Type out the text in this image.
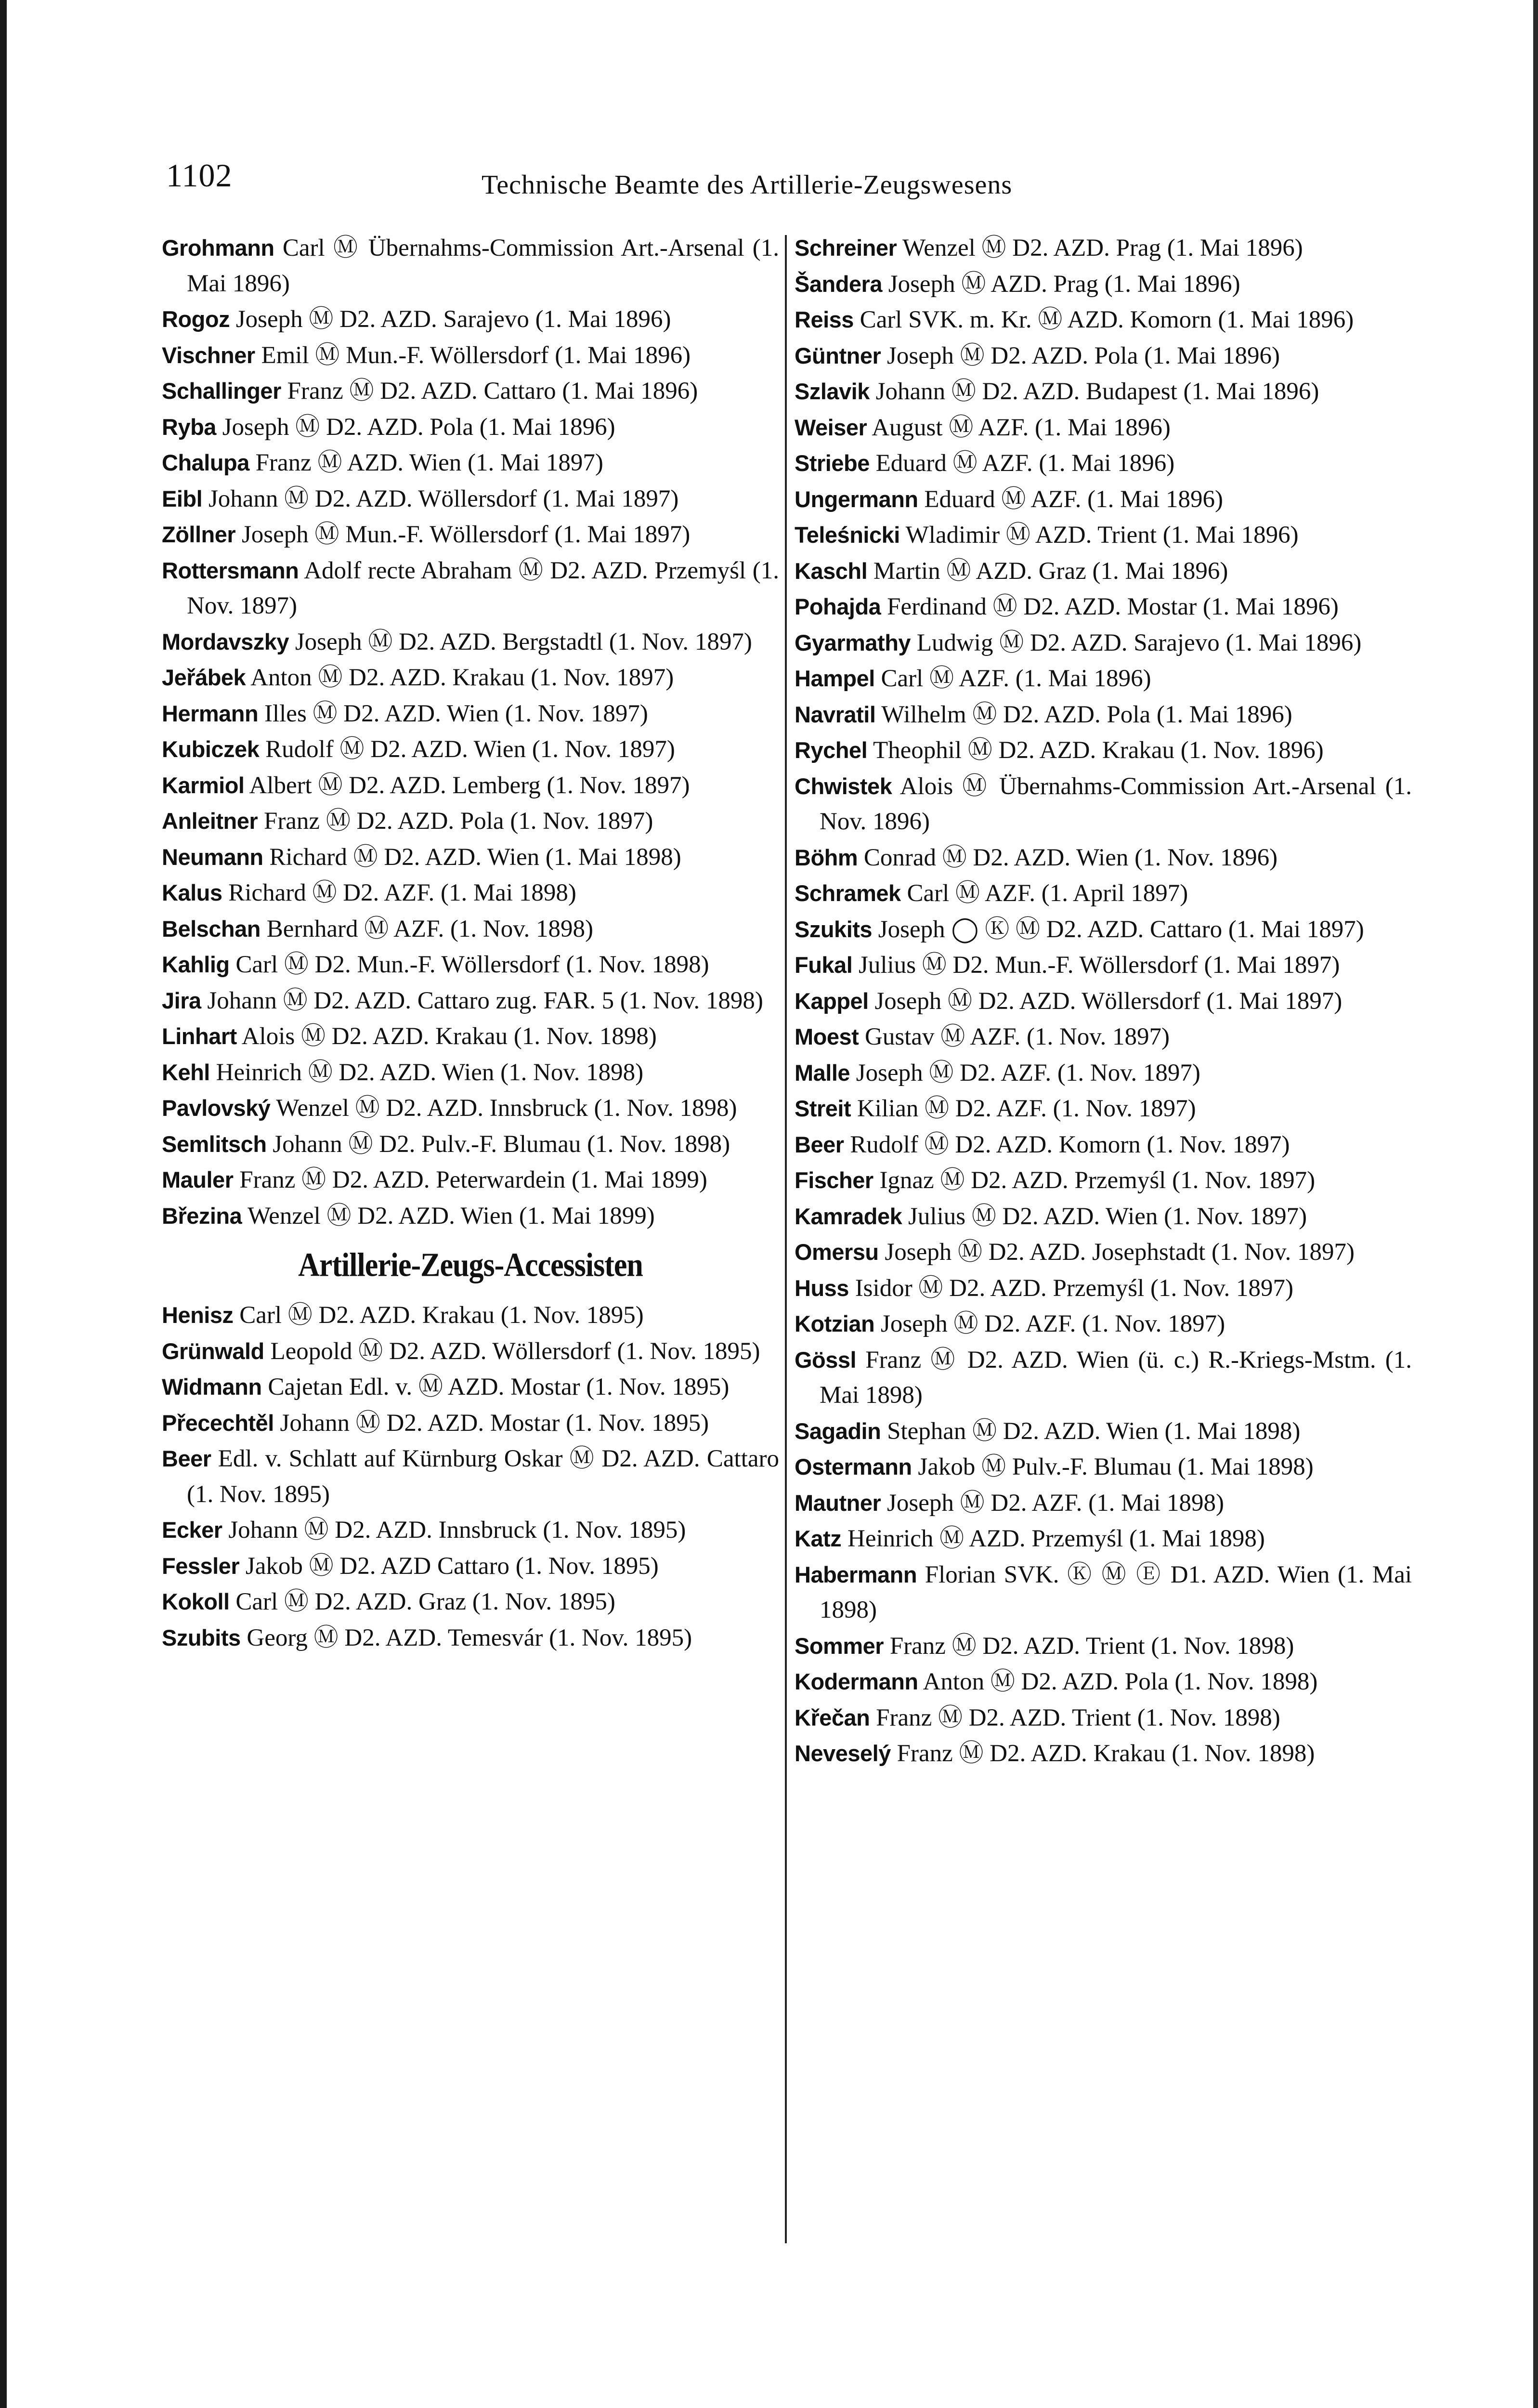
1102	Technische Beamte des Artillerie-Zeugswesens

Grohmann Carl Ⓜ Übernahms-Commission Art.-Arsenal (1. Mai 1896)

Rogoz Joseph Ⓜ D2. AZD. Sarajevo (1. Mai 1896)

Vischner Emil Ⓜ Mun.-F. Wöllersdorf (1. Mai 1896)

Schallinger Franz Ⓜ D2. AZD. Cattaro (1. Mai 1896)

Ryba Joseph Ⓜ D2. AZD. Pola (1. Mai 1896)

Chalupa Franz Ⓜ AZD. Wien (1. Mai 1897)

Eibl Johann Ⓜ D2. AZD. Wöllersdorf (1. Mai 1897)

Zöllner Joseph Ⓜ Mun.-F. Wöllersdorf (1. Mai 1897)

Rottersmann Adolf recte Abraham Ⓜ D2. AZD. Przemyśl (1. Nov. 1897)

Mordavszky Joseph Ⓜ D2. AZD. Bergstadtl (1. Nov. 1897)

Jeřábek Anton Ⓜ D2. AZD. Krakau (1. Nov. 1897)

Hermann Illes Ⓜ D2. AZD. Wien (1. Nov. 1897)

Kubiczek Rudolf Ⓜ D2. AZD. Wien (1. Nov. 1897)

Karmiol Albert Ⓜ D2. AZD. Lemberg (1. Nov. 1897)

Anleitner Franz Ⓜ D2. AZD. Pola (1. Nov. 1897)

Neumann Richard Ⓜ D2. AZD. Wien (1. Mai 1898)

Kalus Richard Ⓜ D2. AZF. (1. Mai 1898)

Belschan Bernhard Ⓜ AZF. (1. Nov. 1898)

Kahlig Carl Ⓜ D2. Mun.-F. Wöllersdorf (1. Nov. 1898)

Jira Johann Ⓜ D2. AZD. Cattaro zug. FAR. 5 (1. Nov. 1898)

Linhart Alois Ⓜ D2. AZD. Krakau (1. Nov. 1898)

Kehl Heinrich Ⓜ D2. AZD. Wien (1. Nov. 1898)

Pavlovský Wenzel Ⓜ D2. AZD. Innsbruck (1. Nov. 1898)

Semlitsch Johann Ⓜ D2. Pulv.-F. Blumau (1. Nov. 1898)

Mauler Franz Ⓜ D2. AZD. Peterwardein (1. Mai 1899)

Březina Wenzel Ⓜ D2. AZD. Wien (1. Mai 1899)

Artillerie-Zeugs-Accessisten

Henisz Carl Ⓜ D2. AZD. Krakau (1. Nov. 1895)

Grünwald Leopold Ⓜ D2. AZD. Wöllersdorf (1. Nov. 1895)

Widmann Cajetan Edl. v. Ⓜ AZD. Mostar (1. Nov. 1895)

Přecechtěl Johann Ⓜ D2. AZD. Mostar (1. Nov. 1895)

Beer Edl. v. Schlatt auf Kürnburg Oskar Ⓜ D2. AZD. Cattaro (1. Nov. 1895)

Ecker Johann Ⓜ D2. AZD. Innsbruck (1. Nov. 1895)

Fessler Jakob Ⓜ D2. AZD Cattaro (1. Nov. 1895)

Kokoll Carl Ⓜ D2. AZD. Graz (1. Nov. 1895)

Szubits Georg Ⓜ D2. AZD. Temesvár (1. Nov. 1895)

Schreiner Wenzel Ⓜ D2. AZD. Prag (1. Mai 1896)

Šandera Joseph Ⓜ AZD. Prag (1. Mai 1896)

Reiss Carl SVK. m. Kr. Ⓜ AZD. Komorn (1. Mai 1896)

Güntner Joseph Ⓜ D2. AZD. Pola (1. Mai 1896)

Szlavik Johann Ⓜ D2. AZD. Budapest (1. Mai 1896)

Weiser August Ⓜ AZF. (1. Mai 1896)

Striebe Eduard Ⓜ AZF. (1. Mai 1896)

Ungermann Eduard Ⓜ AZF. (1. Mai 1896)

Teleśnicki Wladimir Ⓜ AZD. Trient (1. Mai 1896)

Kaschl Martin Ⓜ AZD. Graz (1. Mai 1896)

Pohajda Ferdinand Ⓜ D2. AZD. Mostar (1. Mai 1896)

Gyarmathy Ludwig Ⓜ D2. AZD. Sarajevo (1. Mai 1896)

Hampel Carl Ⓜ AZF. (1. Mai 1896)

Navratil Wilhelm Ⓜ D2. AZD. Pola (1. Mai 1896)

Rychel Theophil Ⓜ D2. AZD. Krakau (1. Nov. 1896)

Chwistek Alois Ⓜ Übernahms-Commission Art.-Arsenal (1. Nov. 1896)

Böhm Conrad Ⓜ D2. AZD. Wien (1. Nov. 1896)

Schramek Carl Ⓜ AZF. (1. April 1897)

Szukits Joseph ◯ Ⓚ Ⓜ D2. AZD. Cattaro (1. Mai 1897)

Fukal Julius Ⓜ D2. Mun.-F. Wöllersdorf (1. Mai 1897)

Kappel Joseph Ⓜ D2. AZD. Wöllersdorf (1. Mai 1897)

Moest Gustav Ⓜ AZF. (1. Nov. 1897)

Malle Joseph Ⓜ D2. AZF. (1. Nov. 1897)

Streit Kilian Ⓜ D2. AZF. (1. Nov. 1897)

Beer Rudolf Ⓜ D2. AZD. Komorn (1. Nov. 1897)

Fischer Ignaz Ⓜ D2. AZD. Przemyśl (1. Nov. 1897)

Kamradek Julius Ⓜ D2. AZD. Wien (1. Nov. 1897)

Omersu Joseph Ⓜ D2. AZD. Josephstadt (1. Nov. 1897)

Huss Isidor Ⓜ D2. AZD. Przemyśl (1. Nov. 1897)

Kotzian Joseph Ⓜ D2. AZF. (1. Nov. 1897)

Gössl Franz Ⓜ D2. AZD. Wien (ü. c.) R.-Kriegs-Mstm. (1. Mai 1898)

Sagadin Stephan Ⓜ D2. AZD. Wien (1. Mai 1898)

Ostermann Jakob Ⓜ Pulv.-F. Blumau (1. Mai 1898)

Mautner Joseph Ⓜ D2. AZF. (1. Mai 1898)

Katz Heinrich Ⓜ AZD. Przemyśl (1. Mai 1898)

Habermann Florian SVK. Ⓚ Ⓜ Ⓔ D1. AZD. Wien (1. Mai 1898)

Sommer Franz Ⓜ D2. AZD. Trient (1. Nov. 1898)

Kodermann Anton Ⓜ D2. AZD. Pola (1. Nov. 1898)

Křečan Franz Ⓜ D2. AZD. Trient (1. Nov. 1898)

Neveselý Franz Ⓜ D2. AZD. Krakau (1. Nov. 1898)
